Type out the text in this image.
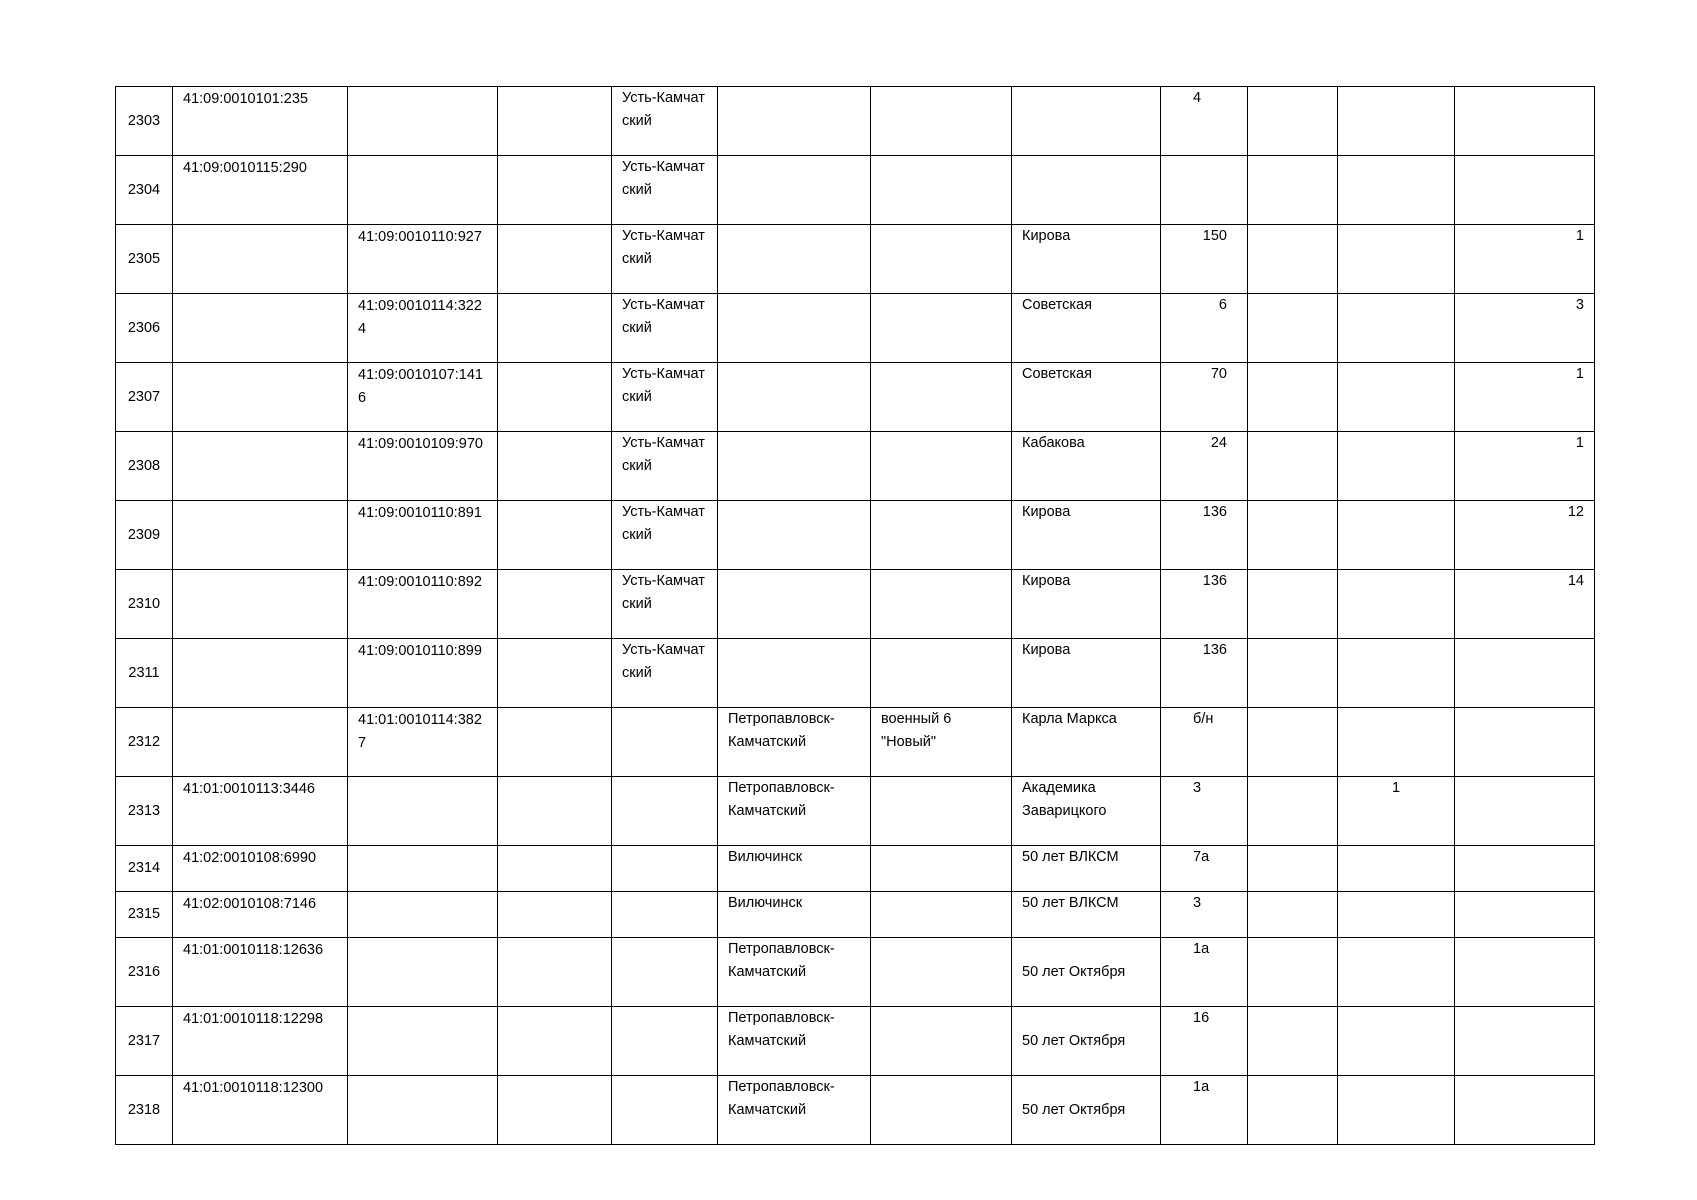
2303	41:09:0010101:235			Усть-Камчатский				4			
2304	41:09:0010115:290			Усть-Камчатский							
2305		41:09:0010110:927		Усть-Камчатский			Кирова	150			1
2306		41:09:0010114:3224		Усть-Камчатский			Советская	6			3
2307		41:09:0010107:1416		Усть-Камчатский			Советская	70			1
2308		41:09:0010109:970		Усть-Камчатский			Кабакова	24			1
2309		41:09:0010110:891		Усть-Камчатский			Кирова	136			12
2310		41:09:0010110:892		Усть-Камчатский			Кирова	136			14
2311		41:09:0010110:899		Усть-Камчатский			Кирова	136			
2312		41:01:0010114:3827			Петропавловск-Камчатский	военный 6 "Новый"	Карла Маркса	б/н			
2313	41:01:0010113:3446				Петропавловск-Камчатский		Академика Заварицкого	3		1	
2314	41:02:0010108:6990				Вилючинск		50 лет ВЛКСМ	7а			
2315	41:02:0010108:7146				Вилючинск		50 лет ВЛКСМ	3			
2316	41:01:0010118:12636				Петропавловск-Камчатский		50 лет Октября	1а			
2317	41:01:0010118:12298				Петропавловск-Камчатский		50 лет Октября	16			
2318	41:01:0010118:12300				Петропавловск-Камчатский		50 лет Октября	1а			
